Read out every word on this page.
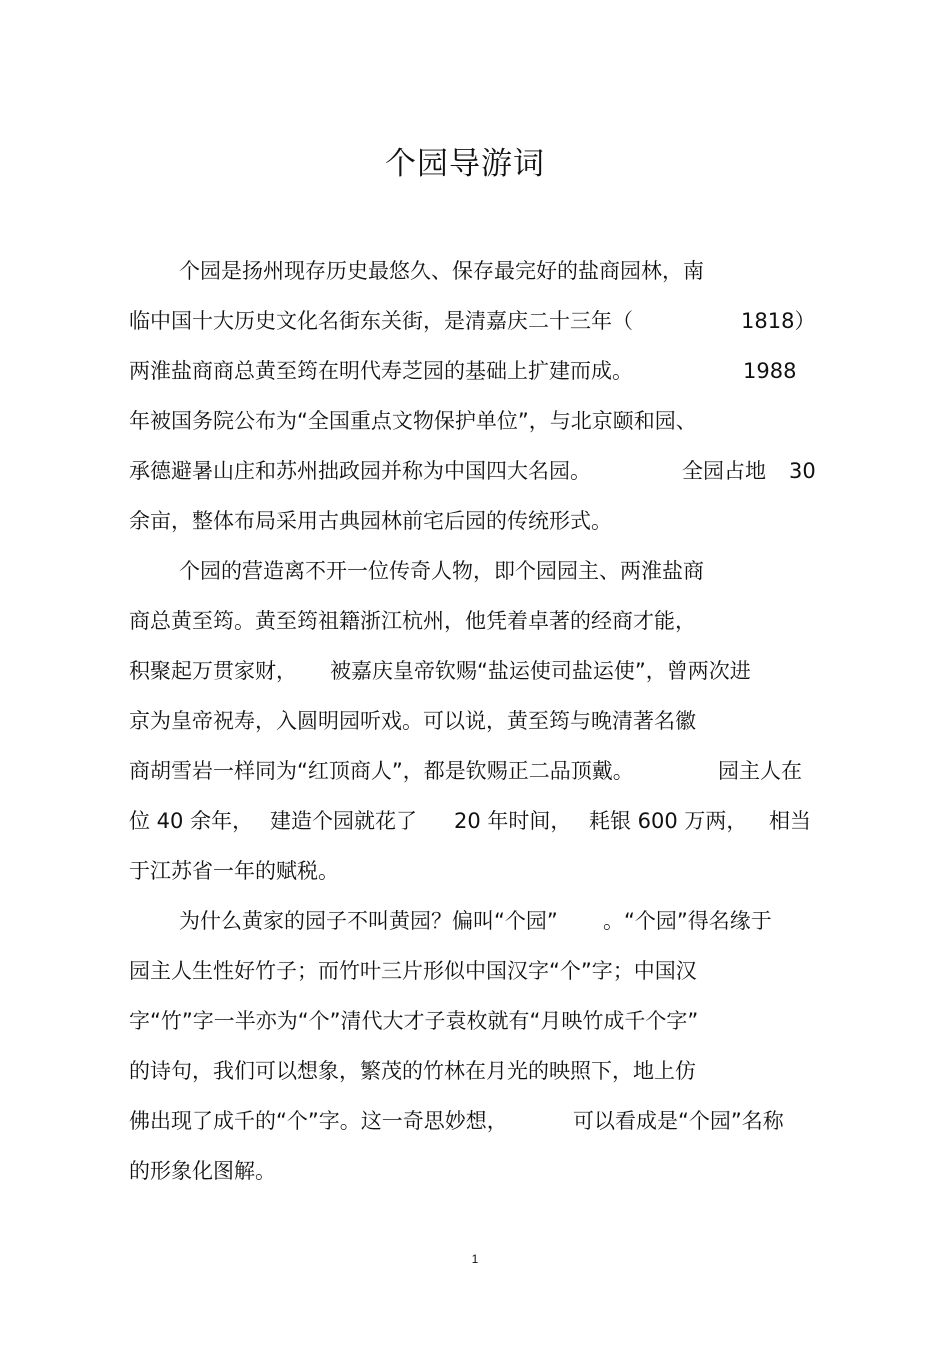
个园导游词
个园是扬州现存历史最悠久、保存最完好的盐商园林，南
临中国十大历史文化名街东关街，是清嘉庆二十三年（	1818）
两淮盐商商总黄至筠在明代寿芝园的基础上扩建而成。	1988
年被国务院公布为“全国重点文物保护单位”，与北京颐和园、
承德避暑山庄和苏州拙政园并称为中国四大名园。	全园占地 30
余亩，整体布局采用古典园林前宅后园的传统形式。
个园的营造离不开一位传奇人物，即个园园主、两淮盐商
商总黄至筠。黄至筠祖籍浙江杭州，他凭着卓著的经商才能，
积聚起万贯家财， 被嘉庆皇帝钦赐“盐运使司盐运使”，曾两次进
京为皇帝祝寿，入圆明园听戏。可以说，黄至筠与晚清著名徽
商胡雪岩一样同为“红顶商人”，都是钦赐正二品顶戴。	园主人在
位 40 余年， 建造个园就花了 20 年时间， 耗银 600 万两， 相当
于江苏省一年的赋税。
为什么黄家的园子不叫黄园？偏叫“个园” 。“个园”得名缘于
园主人生性好竹子；而竹叶三片形似中国汉字“个”字；中国汉
字“竹”字一半亦为“个”清代大才子袁枚就有“月映竹成千个字”
的诗句，我们可以想象，繁茂的竹林在月光的映照下，地上仿
佛出现了成千的“个”字。这一奇思妙想，	可以看成是“个园”名称
的形象化图解。
1
